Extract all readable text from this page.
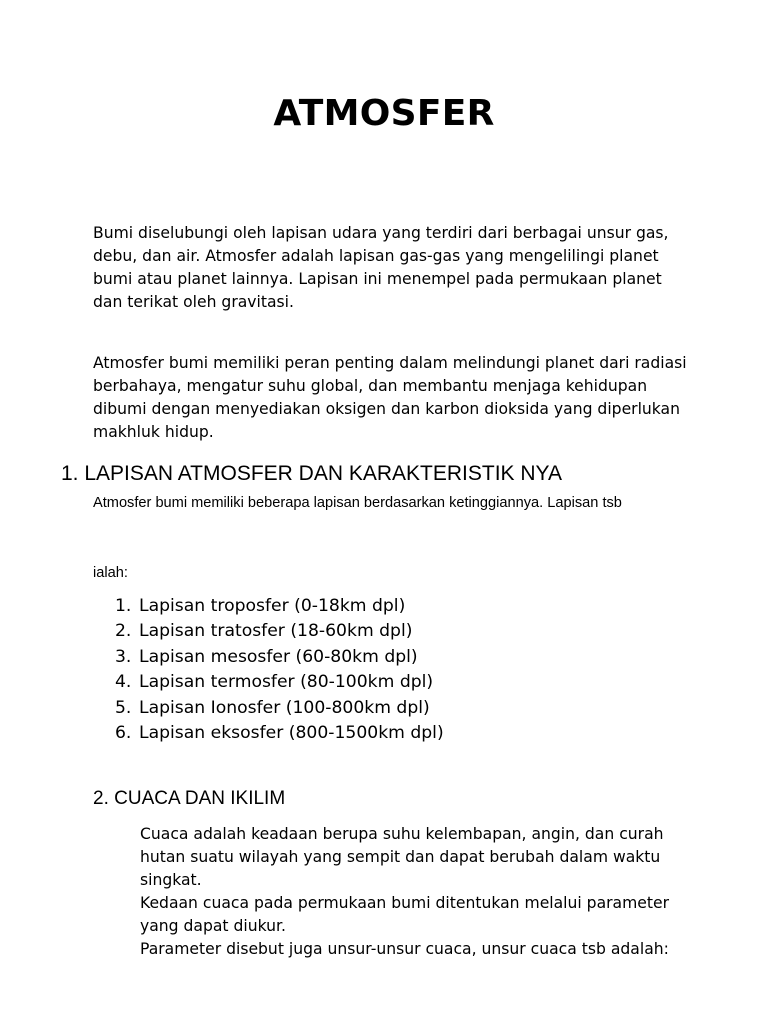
ATMOSFER

Bumi diselubungi oleh lapisan udara yang terdiri dari berbagai unsur gas, debu, dan air. Atmosfer adalah lapisan gas-gas yang mengelilingi planet bumi atau planet lainnya. Lapisan ini menempel pada permukaan planet dan terikat oleh gravitasi.

Atmosfer bumi memiliki peran penting dalam melindungi planet dari radiasi berbahaya, mengatur suhu global, dan membantu menjaga kehidupan dibumi dengan menyediakan oksigen dan karbon dioksida yang diperlukan makhluk hidup.

1. LAPISAN ATMOSFER DAN KARAKTERISTIK NYA

Atmosfer bumi memiliki beberapa lapisan berdasarkan ketinggiannya. Lapisan tsb

ialah:

1. Lapisan troposfer (0-18km dpl)
2. Lapisan tratosfer (18-60km dpl)
3. Lapisan mesosfer (60-80km dpl)
4. Lapisan termosfer (80-100km dpl)
5. Lapisan Ionosfer (100-800km dpl)
6. Lapisan eksosfer (800-1500km dpl)
2. CUACA DAN IKILIM

Cuaca adalah keadaan berupa suhu kelembapan, angin, dan curah hutan suatu wilayah yang sempit dan dapat berubah dalam waktu singkat.

Kedaan cuaca pada permukaan bumi ditentukan melalui parameter yang dapat diukur.

Parameter disebut juga unsur-unsur cuaca, unsur cuaca tsb adalah:
